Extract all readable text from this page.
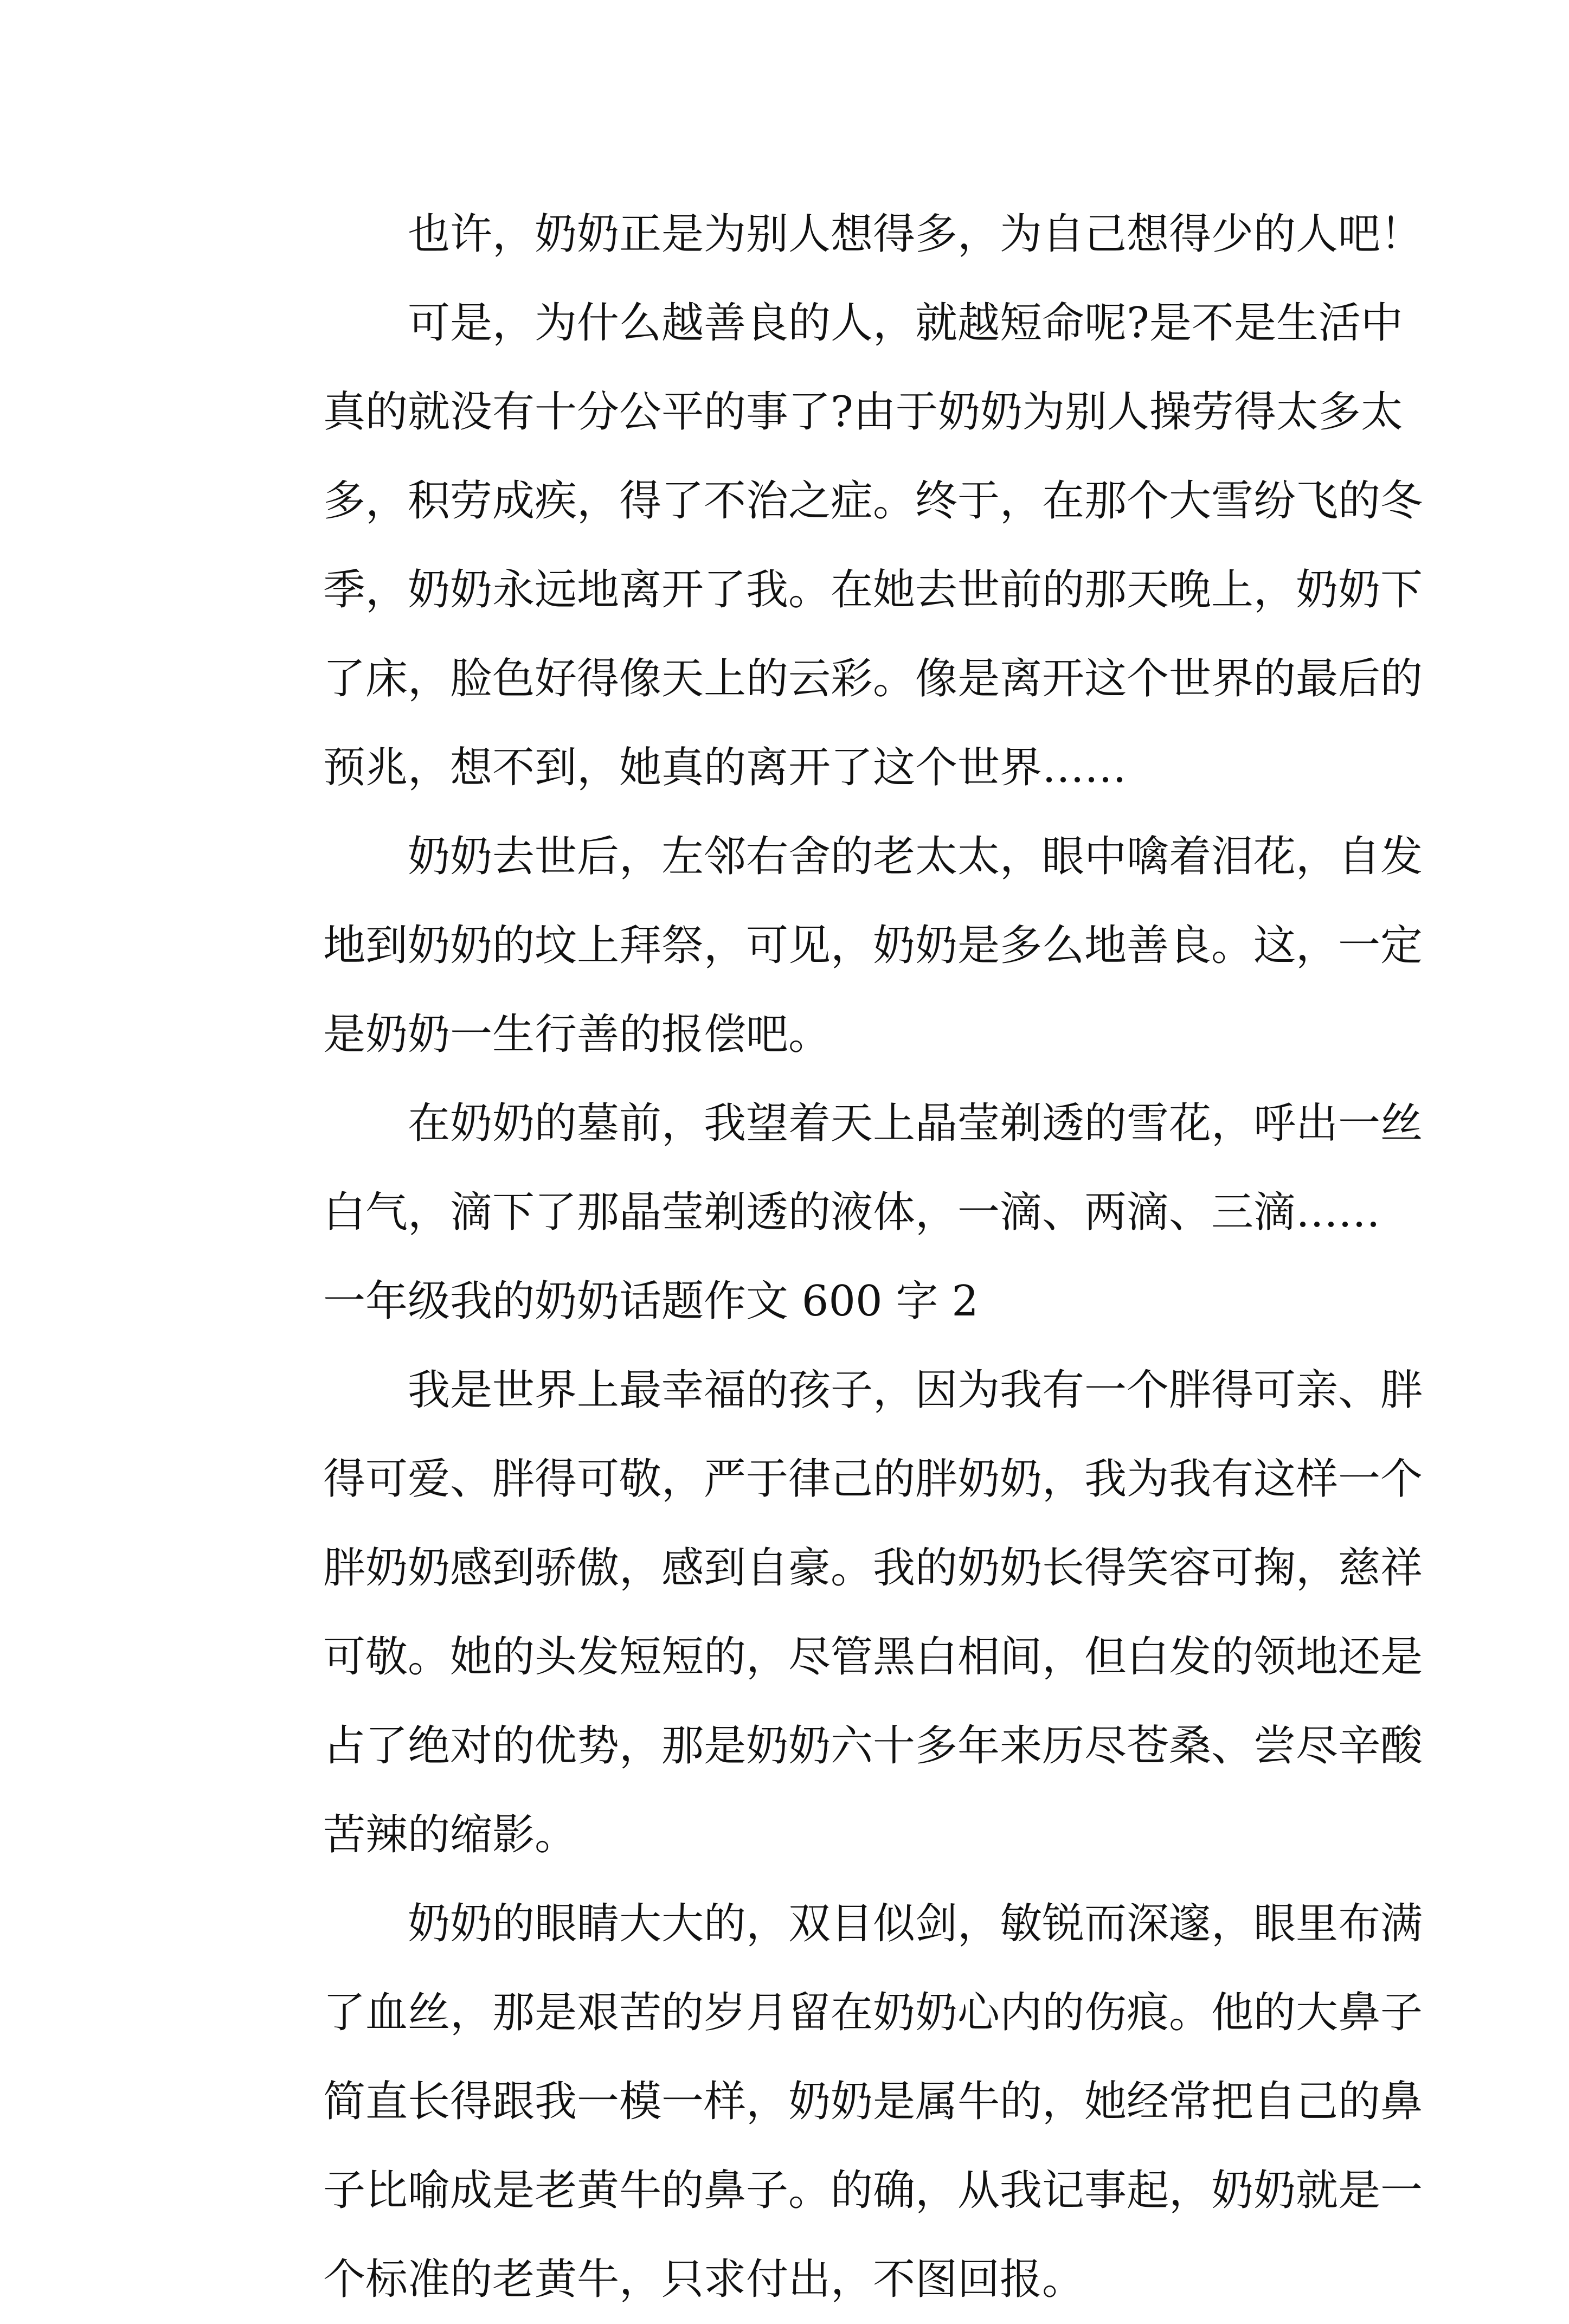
也许，奶奶正是为别人想得多，为自己想得少的人吧！
可是，为什么越善良的人，就越短命呢?是不是生活中
真的就没有十分公平的事了?由于奶奶为别人操劳得太多太
多，积劳成疾，得了不治之症。终于，在那个大雪纷飞的冬
季，奶奶永远地离开了我。在她去世前的那天晚上，奶奶下
了床，脸色好得像天上的云彩。像是离开这个世界的最后的
预兆，想不到，她真的离开了这个世界……
奶奶去世后，左邻右舍的老太太，眼中噙着泪花，自发
地到奶奶的坟上拜祭，可见，奶奶是多么地善良。这，一定
是奶奶一生行善的报偿吧。
在奶奶的墓前，我望着天上晶莹剃透的雪花，呼出一丝
白气，滴下了那晶莹剃透的液体，一滴、两滴、三滴……
一年级我的奶奶话题作文 600 字 2
我是世界上最幸福的孩子，因为我有一个胖得可亲、胖
得可爱、胖得可敬，严于律己的胖奶奶，我为我有这样一个
胖奶奶感到骄傲，感到自豪。我的奶奶长得笑容可掬，慈祥
可敬。她的头发短短的，尽管黑白相间，但白发的领地还是
占了绝对的优势，那是奶奶六十多年来历尽苍桑、尝尽辛酸
苦辣的缩影。
奶奶的眼睛大大的，双目似剑，敏锐而深邃，眼里布满
了血丝，那是艰苦的岁月留在奶奶心内的伤痕。他的大鼻子
简直长得跟我一模一样，奶奶是属牛的，她经常把自己的鼻
子比喻成是老黄牛的鼻子。的确，从我记事起，奶奶就是一
个标准的老黄牛，只求付出，不图回报。
